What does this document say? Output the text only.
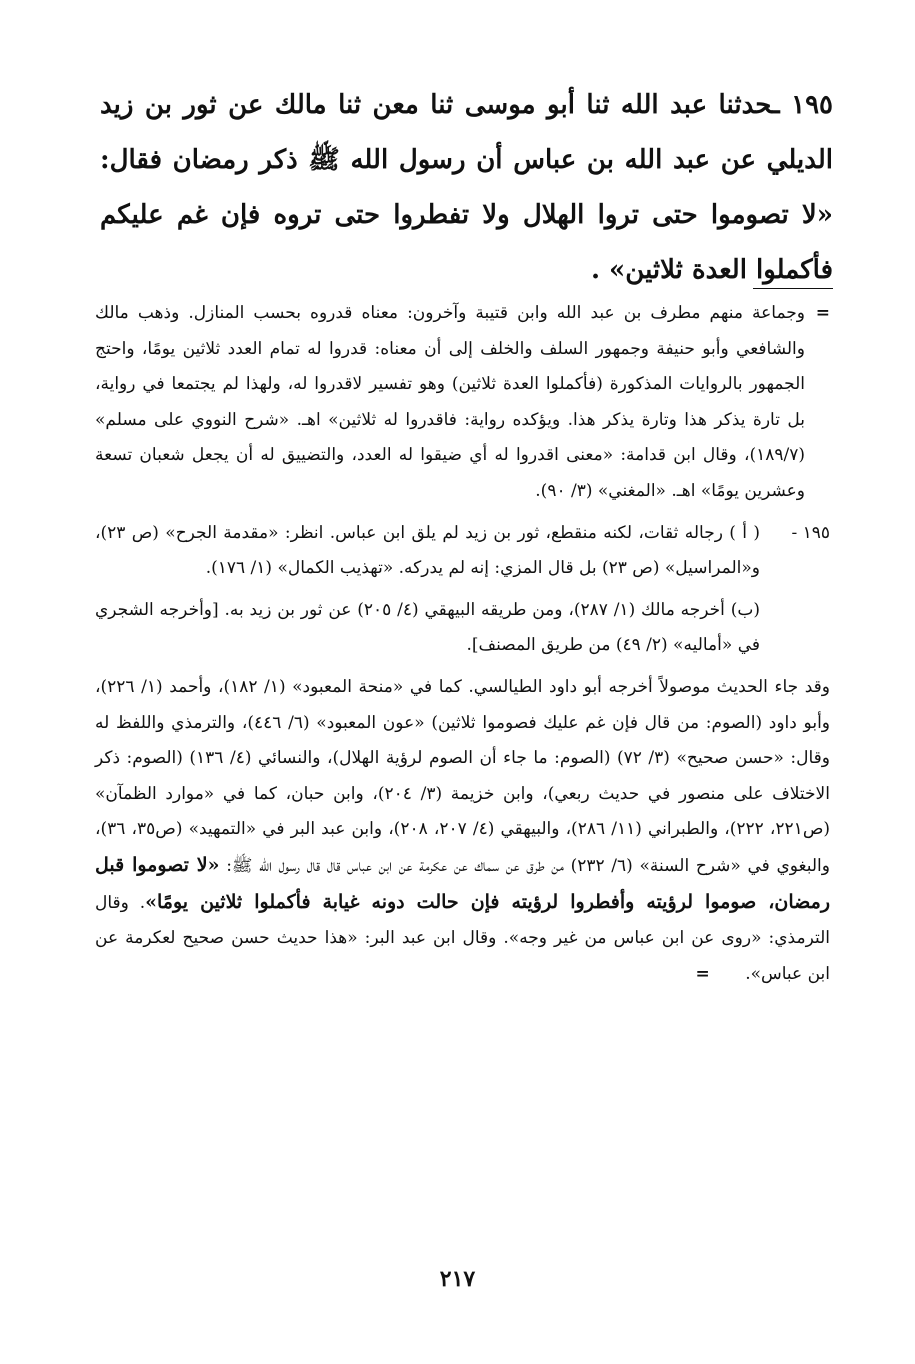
١٩٥ ـحدثنا عبد الله ثنا أبو موسى ثنا معن ثنا مالك عن ثور بن زيد الديلي عن عبد الله بن عباس أن رسول الله ﷺ ذكر رمضان فقال: «لا تصوموا حتى تروا الهلال ولا تفطروا حتى تروه فإن غم عليكم فأكملوا العدة ثلاثين» .

=
وجماعة منهم مطرف بن عبد الله وابن قتيبة وآخرون: معناه قدروه بحسب المنازل. وذهب مالك والشافعي وأبو حنيفة وجمهور السلف والخلف إلى أن معناه: قدروا له تمام العدد ثلاثين يومًا، واحتج الجمهور بالروايات المذكورة (فأكملوا العدة ثلاثين) وهو تفسير لاقدروا له، ولهذا لم يجتمعا في رواية، بل تارة يذكر هذا وتارة يذكر هذا. ويؤكده رواية: فاقدروا له ثلاثين» اهـ. «شرح النووي على مسلم» (١٨٩/٧)، وقال ابن قدامة: «معنى اقدروا له أي ضيقوا له العدد، والتضييق له أن يجعل شعبان تسعة وعشرين يومًا» اهـ. «المغني» (٣/ ٩٠).

١٩٥ -
( أ ) رجاله ثقات، لكنه منقطع، ثور بن زيد لم يلق ابن عباس. انظر: «مقدمة الجرح» (ص ٢٣)، و«المراسيل» (ص ٢٣) بل قال المزي: إنه لم يدركه. «تهذيب الكمال» (١/ ١٧٦).

(ب) أخرجه مالك (١/ ٢٨٧)، ومن طريقه البيهقي (٤/ ٢٠٥) عن ثور بن زيد به. [وأخرجه الشجري في «أماليه» (٢/ ٤٩) من طريق المصنف].

وقد جاء الحديث موصولاً أخرجه أبو داود الطيالسي. كما في «منحة المعبود» (١/ ١٨٢)، وأحمد (١/ ٢٢٦)، وأبو داود (الصوم: من قال فإن غم عليك فصوموا ثلاثين) «عون المعبود» (٦/ ٤٤٦)، والترمذي واللفظ له وقال: «حسن صحيح» (٣/ ٧٢) (الصوم: ما جاء أن الصوم لرؤية الهلال)، والنسائي (٤/ ١٣٦) (الصوم: ذكر الاختلاف على منصور في حديث ربعي)، وابن خزيمة (٣/ ٢٠٤)، وابن حبان، كما في «موارد الظمآن» (ص٢٢١، ٢٢٢)، والطبراني (١١/ ٢٨٦)، والبيهقي (٤/ ٢٠٧، ٢٠٨)، وابن عبد البر في «التمهيد» (ص٣٥، ٣٦)، والبغوي في «شرح السنة» (٦/ ٢٣٢) من طرق عن سماك عن عكرمة عن ابن عباس قال قال رسول الله ﷺ: «لا تصوموا قبل رمضان، صوموا لرؤيته وأفطروا لرؤيته فإن حالت دونه غيابة فأكملوا ثلاثين يومًا». وقال الترمذي: «روى عن ابن عباس من غير وجه». وقال ابن عبد البر: «هذا حديث حسن صحيح لعكرمة عن ابن عباس». =

٢١٧
